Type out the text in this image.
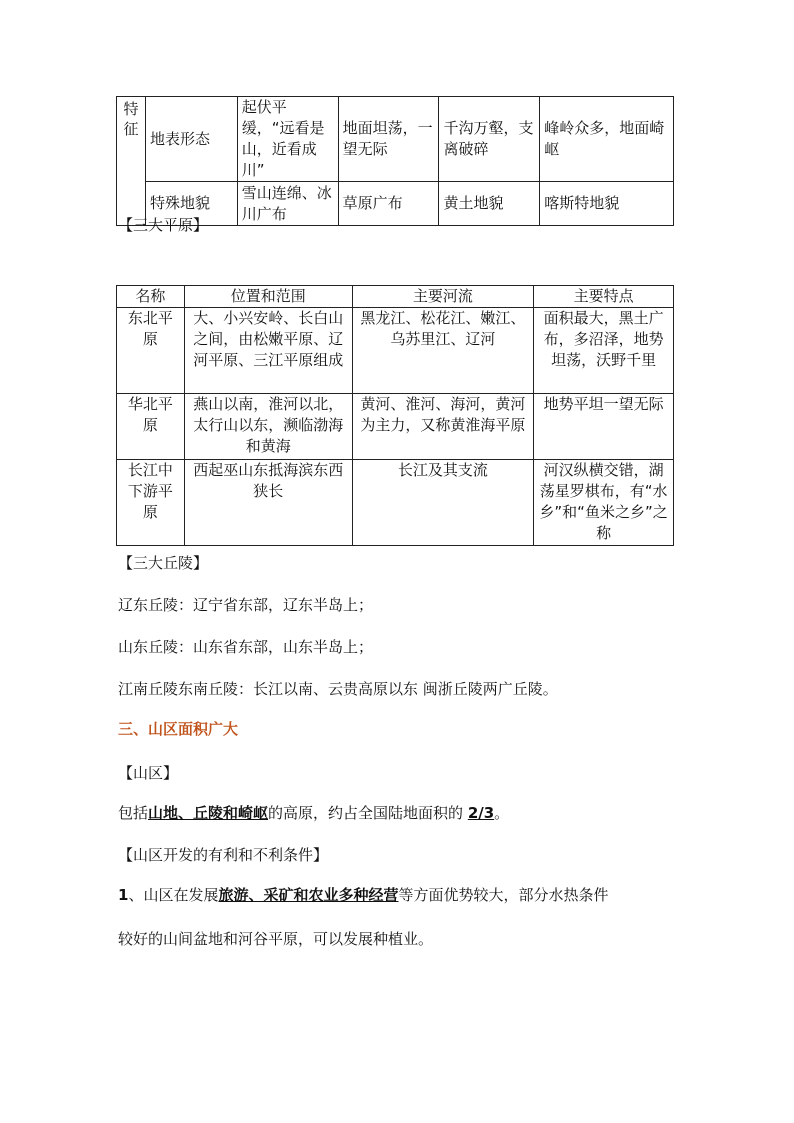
特征	地表形态	起伏平缓，“远看是山，近看成川”	地面坦荡，一望无际	千沟万壑，支离破碎	峰岭众多，地面崎岖
	特殊地貌	雪山连绵、冰川广布	草原广布	黄土地貌	喀斯特地貌
【三大平原】
名称	位置和范围	主要河流	主要特点
东北平原	大、小兴安岭、长白山之间，由松嫩平原、辽河平原、三江平原组成	黑龙江、松花江、嫩江、乌苏里江、辽河	面积最大，黑土广布，多沼泽，地势坦荡，沃野千里
华北平原	燕山以南，淮河以北，太行山以东，濒临渤海和黄海	黄河、淮河、海河，黄河为主力，又称黄淮海平原	地势平坦一望无际
长江中下游平原	西起巫山东抵海滨东西狭长	长江及其支流	河汉纵横交错，湖荡星罗棋布，有“水乡”和“鱼米之乡”之称
【三大丘陵】
辽东丘陵：辽宁省东部，辽东半岛上；
山东丘陵：山东省东部，山东半岛上；
江南丘陵东南丘陵：长江以南、云贵高原以东 闽浙丘陵两广丘陵。
三、山区面积广大
【山区】
包括山地、丘陵和崎岖的高原，约占全国陆地面积的 2/3。
【山区开发的有利和不利条件】
1、山区在发展旅游、采矿和农业多种经营等方面优势较大，部分水热条件
较好的山间盆地和河谷平原，可以发展种植业。
